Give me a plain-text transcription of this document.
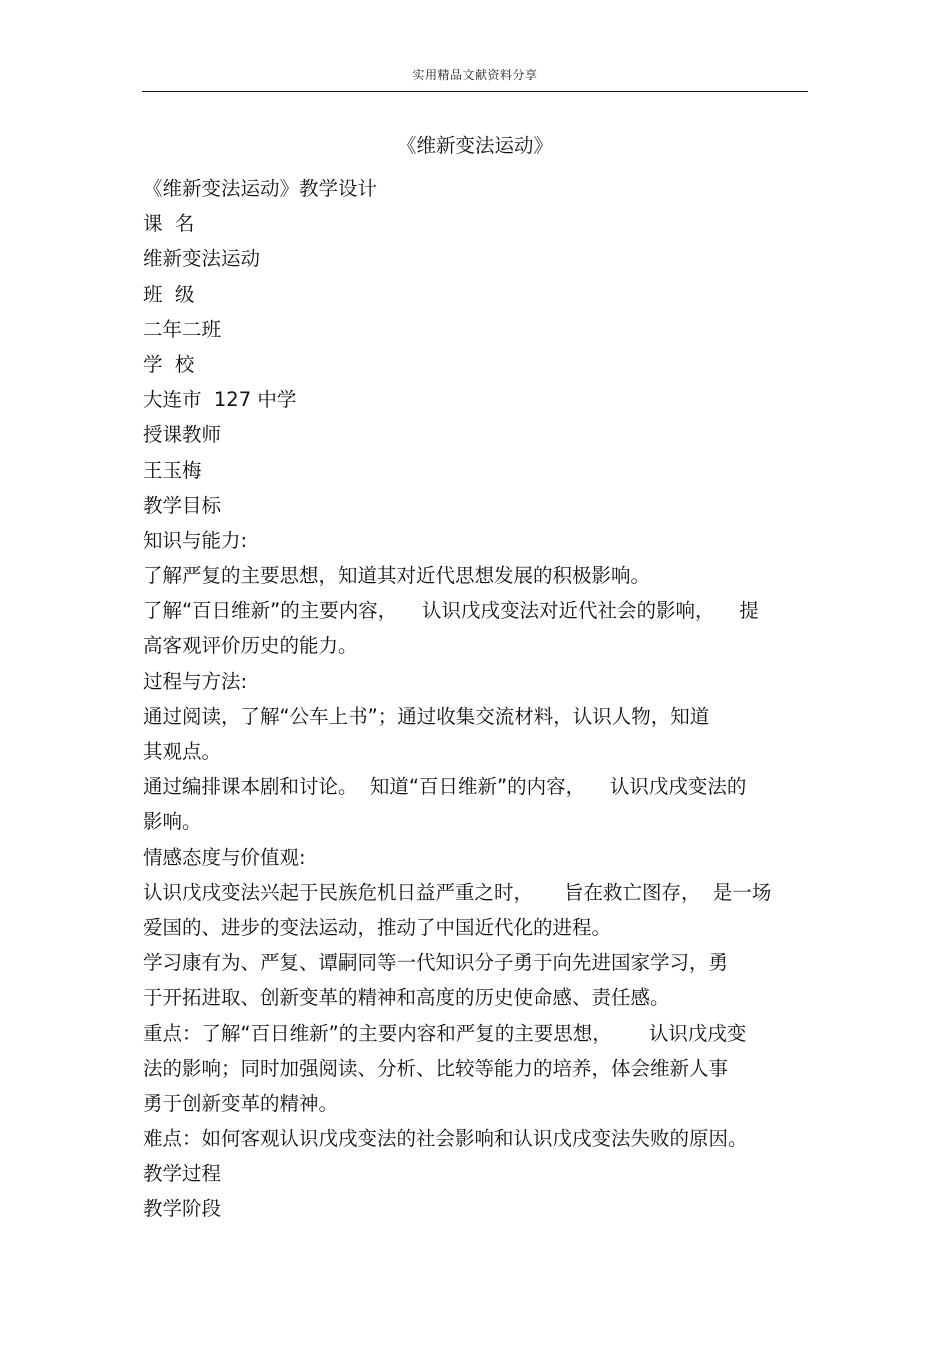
实用精品文献资料分享
《维新变法运动》
《维新变法运动》教学设计
课  名
维新变法运动
班  级
二年二班
学  校
大连市  127 中学
授课教师
王玉梅
教学目标
知识与能力:
了解严复的主要思想，知道其对近代思想发展的积极影响。
了解“百日维新”的主要内容，    认识戊戌变法对近代社会的影响，    提
高客观评价历史的能力。
过程与方法:
通过阅读，了解“公车上书”；通过收集交流材料，认识人物，知道
其观点。
通过编排课本剧和讨论。  知道“百日维新”的内容，    认识戊戌变法的
影响。
情感态度与价值观:
认识戊戌变法兴起于民族危机日益严重之时，     旨在救亡图存，  是一场
爱国的、进步的变法运动，推动了中国近代化的进程。
学习康有为、严复、谭嗣同等一代知识分子勇于向先进国家学习，勇
于开拓进取、创新变革的精神和高度的历史使命感、责任感。
重点：了解“百日维新”的主要内容和严复的主要思想，      认识戊戌变
法的影响；同时加强阅读、分析、比较等能力的培养，体会维新人事
勇于创新变革的精神。
难点：如何客观认识戊戌变法的社会影响和认识戊戌变法失败的原因。
教学过程
教学阶段
